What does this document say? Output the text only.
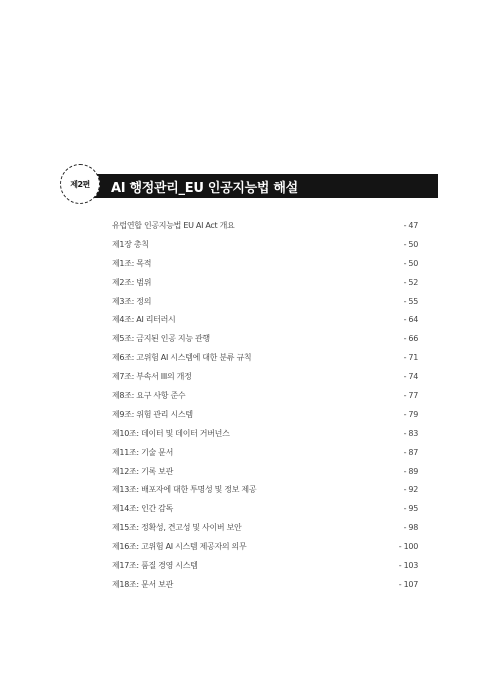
AI 행정관리_EU 인공지능법 해설
제2편
유럽연합 인공지능법 EU AI Act 개요	- 47
제1장 총칙	- 50
제1조: 목적	- 50
제2조: 범위	- 52
제3조: 정의	- 55
제4조: AI 리터러시	- 64
제5조: 금지된 인공 지능 관행	- 66
제6조: 고위험 AI 시스템에 대한 분류 규칙	- 71
제7조: 부속서 III의 개정	- 74
제8조: 요구 사항 준수	- 77
제9조: 위험 관리 시스템	- 79
제10조: 데이터 및 데이터 거버넌스	- 83
제11조: 기술 문서	- 87
제12조: 기록 보관	- 89
제13조: 배포자에 대한 투명성 및 정보 제공	- 92
제14조: 인간 감독	- 95
제15조: 정확성, 견고성 및 사이버 보안	- 98
제16조: 고위험 AI 시스템 제공자의 의무	- 100
제17조: 품질 경영 시스템	- 103
제18조: 문서 보관	- 107
